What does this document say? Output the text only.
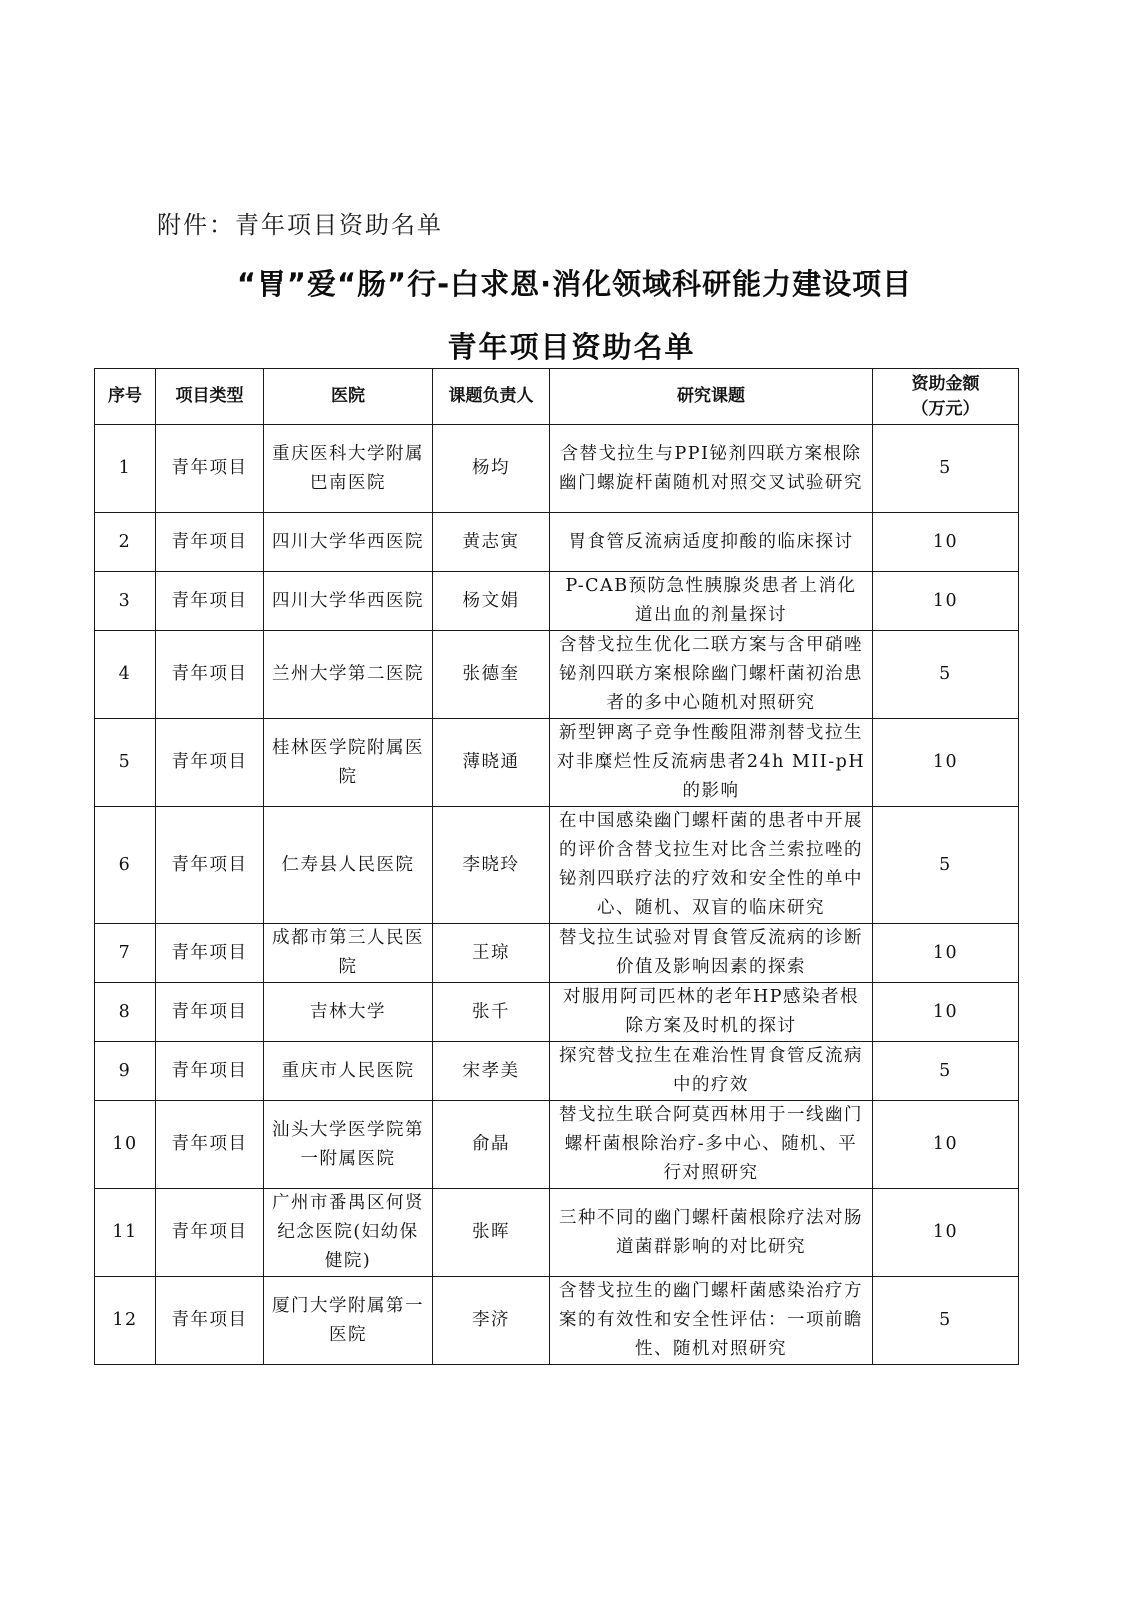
附件：青年项目资助名单
“胃”爱“肠”行-白求恩·消化领域科研能力建设项目
青年项目资助名单
序号	项目类型	医院	课题负责人	研究课题	资助金额
（万元）

1	青年项目	重庆医科大学附属巴南医院	杨均	含替戈拉生与PPI铋剂四联方案根除幽门螺旋杆菌随机对照交叉试验研究	5
2	青年项目	四川大学华西医院	黄志寅	胃食管反流病适度抑酸的临床探讨	10
3	青年项目	四川大学华西医院	杨文娟	P-CAB预防急性胰腺炎患者上消化道出血的剂量探讨	10
4	青年项目	兰州大学第二医院	张德奎	含替戈拉生优化二联方案与含甲硝唑铋剂四联方案根除幽门螺杆菌初治患者的多中心随机对照研究	5
5	青年项目	桂林医学院附属医院	薄晓通	新型钾离子竞争性酸阻滞剂替戈拉生对非糜烂性反流病患者24h MII-pH的影响	10
6	青年项目	仁寿县人民医院	李晓玲	在中国感染幽门螺杆菌的患者中开展的评价含替戈拉生对比含兰索拉唑的铋剂四联疗法的疗效和安全性的单中心、随机、双盲的临床研究	5
7	青年项目	成都市第三人民医院	王琼	替戈拉生试验对胃食管反流病的诊断价值及影响因素的探索	10
8	青年项目	吉林大学	张千	对服用阿司匹林的老年HP感染者根除方案及时机的探讨	10
9	青年项目	重庆市人民医院	宋孝美	探究替戈拉生在难治性胃食管反流病中的疗效	5
10	青年项目	汕头大学医学院第一附属医院	俞晶	替戈拉生联合阿莫西林用于一线幽门螺杆菌根除治疗-多中心、随机、平行对照研究	10
11	青年项目	广州市番禺区何贤纪念医院(妇幼保健院)	张晖	三种不同的幽门螺杆菌根除疗法对肠道菌群影响的对比研究	10
12	青年项目	厦门大学附属第一医院	李济	含替戈拉生的幽门螺杆菌感染治疗方案的有效性和安全性评估：一项前瞻性、随机对照研究	5
